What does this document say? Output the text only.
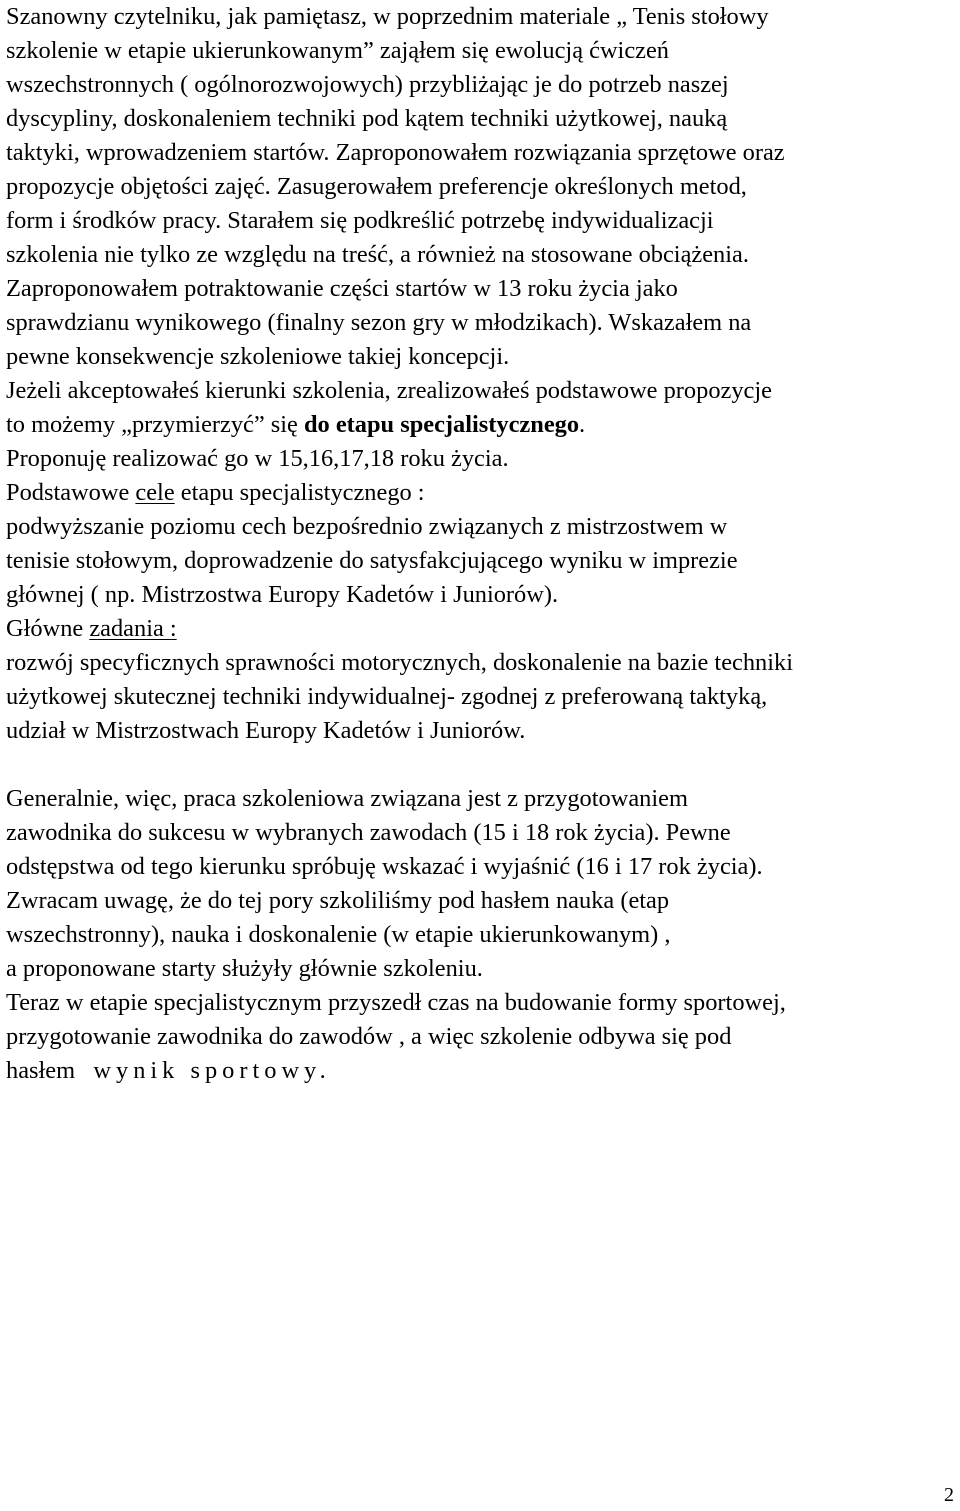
Szanowny czytelniku, jak pamiętasz, w poprzednim materiale „ Tenis stołowy
szkolenie w etapie ukierunkowanym” zająłem się ewolucją ćwiczeń
wszechstronnych ( ogólnorozwojowych) przybliżając je do potrzeb naszej
dyscypliny, doskonaleniem techniki pod kątem techniki użytkowej, nauką
taktyki, wprowadzeniem startów. Zaproponowałem rozwiązania sprzętowe oraz
propozycje objętości zajęć. Zasugerowałem preferencje określonych metod,
form i środków pracy. Starałem się podkreślić potrzebę indywidualizacji
szkolenia nie tylko ze względu na treść, a również na stosowane obciążenia.
Zaproponowałem potraktowanie części startów w 13 roku życia jako
sprawdzianu wynikowego (finalny sezon gry w młodzikach). Wskazałem na
pewne konsekwencje szkoleniowe takiej koncepcji.
Jeżeli akceptowałeś kierunki szkolenia, zrealizowałeś podstawowe propozycje
to możemy „przymierzyć” się do etapu specjalistycznego.
Proponuję realizować go w 15,16,17,18 roku życia.
Podstawowe cele etapu specjalistycznego :
podwyższanie poziomu cech bezpośrednio związanych z mistrzostwem w
tenisie stołowym, doprowadzenie do satysfakcjującego wyniku w imprezie
głównej ( np. Mistrzostwa Europy Kadetów i Juniorów).
Główne zadania :
rozwój specyficznych sprawności motorycznych, doskonalenie na bazie techniki
użytkowej skutecznej techniki indywidualnej- zgodnej z preferowaną taktyką,
udział w Mistrzostwach Europy Kadetów i Juniorów.
Generalnie, więc, praca szkoleniowa związana jest z przygotowaniem
zawodnika do sukcesu w wybranych zawodach (15 i 18 rok życia). Pewne
odstępstwa od tego kierunku spróbuję wskazać i wyjaśnić (16 i 17 rok życia).
Zwracam uwagę, że do tej pory szkoliliśmy pod hasłem nauka (etap
wszechstronny), nauka i doskonalenie (w etapie ukierunkowanym) ,
a proponowane starty służyły głównie szkoleniu.
Teraz w etapie specjalistycznym przyszedł czas na budowanie formy sportowej,
przygotowanie zawodnika do zawodów , a więc szkolenie odbywa się pod
hasłem   wynik sportowy.
2
